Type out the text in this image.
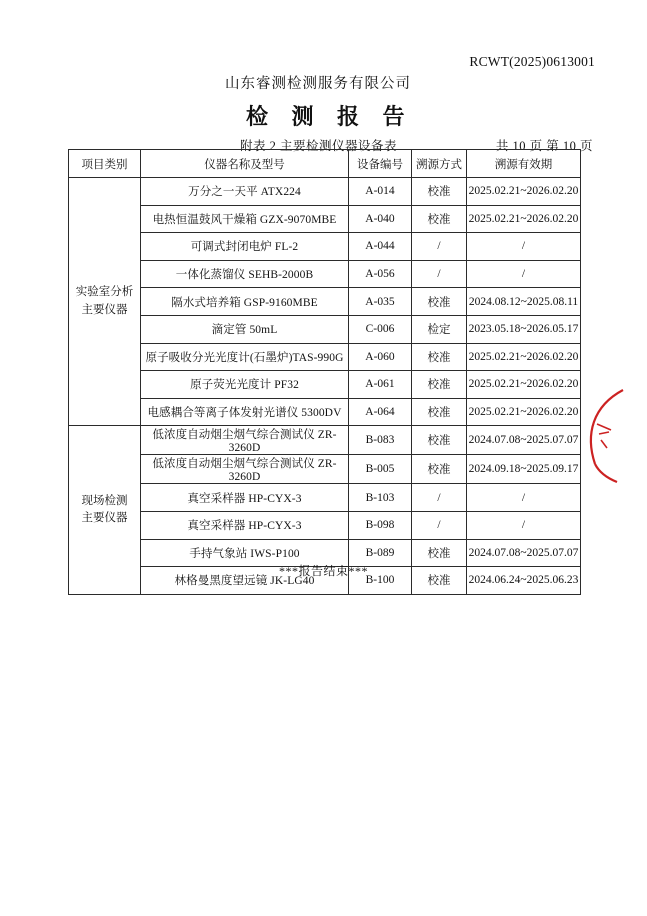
RCWT(2025)0613001
山东睿测检测服务有限公司
检 测 报 告
附表 2 主要检测仪器设备表	共 10 页 第 10 页
项目类别	仪器名称及型号	设备编号	溯源方式	溯源有效期
实验室分析
主要仪器	万分之一天平 ATX224	A-014	校准	2025.02.21~2026.02.20
	电热恒温鼓风干燥箱 GZX-9070MBE	A-040	校准	2025.02.21~2026.02.20
	可调式封闭电炉 FL-2	A-044	/	/
	一体化蒸馏仪 SEHB-2000B	A-056	/	/
	隔水式培养箱 GSP-9160MBE	A-035	校准	2024.08.12~2025.08.11
	滴定管 50mL	C-006	检定	2023.05.18~2026.05.17
	原子吸收分光光度计(石墨炉)TAS-990G	A-060	校准	2025.02.21~2026.02.20
	原子荧光光度计 PF32	A-061	校准	2025.02.21~2026.02.20
	电感耦合等离子体发射光谱仪 5300DV	A-064	校准	2025.02.21~2026.02.20
现场检测
主要仪器	低浓度自动烟尘烟气综合测试仪 ZR-3260D	B-083	校准	2024.07.08~2025.07.07
	低浓度自动烟尘烟气综合测试仪 ZR-3260D	B-005	校准	2024.09.18~2025.09.17
	真空采样器 HP-CYX-3	B-103	/	/
	真空采样器 HP-CYX-3	B-098	/	/
	手持气象站 IWS-P100	B-089	校准	2024.07.08~2025.07.07
	林格曼黑度望远镜 JK-LG40	B-100	校准	2024.06.24~2025.06.23
***报告结束***
